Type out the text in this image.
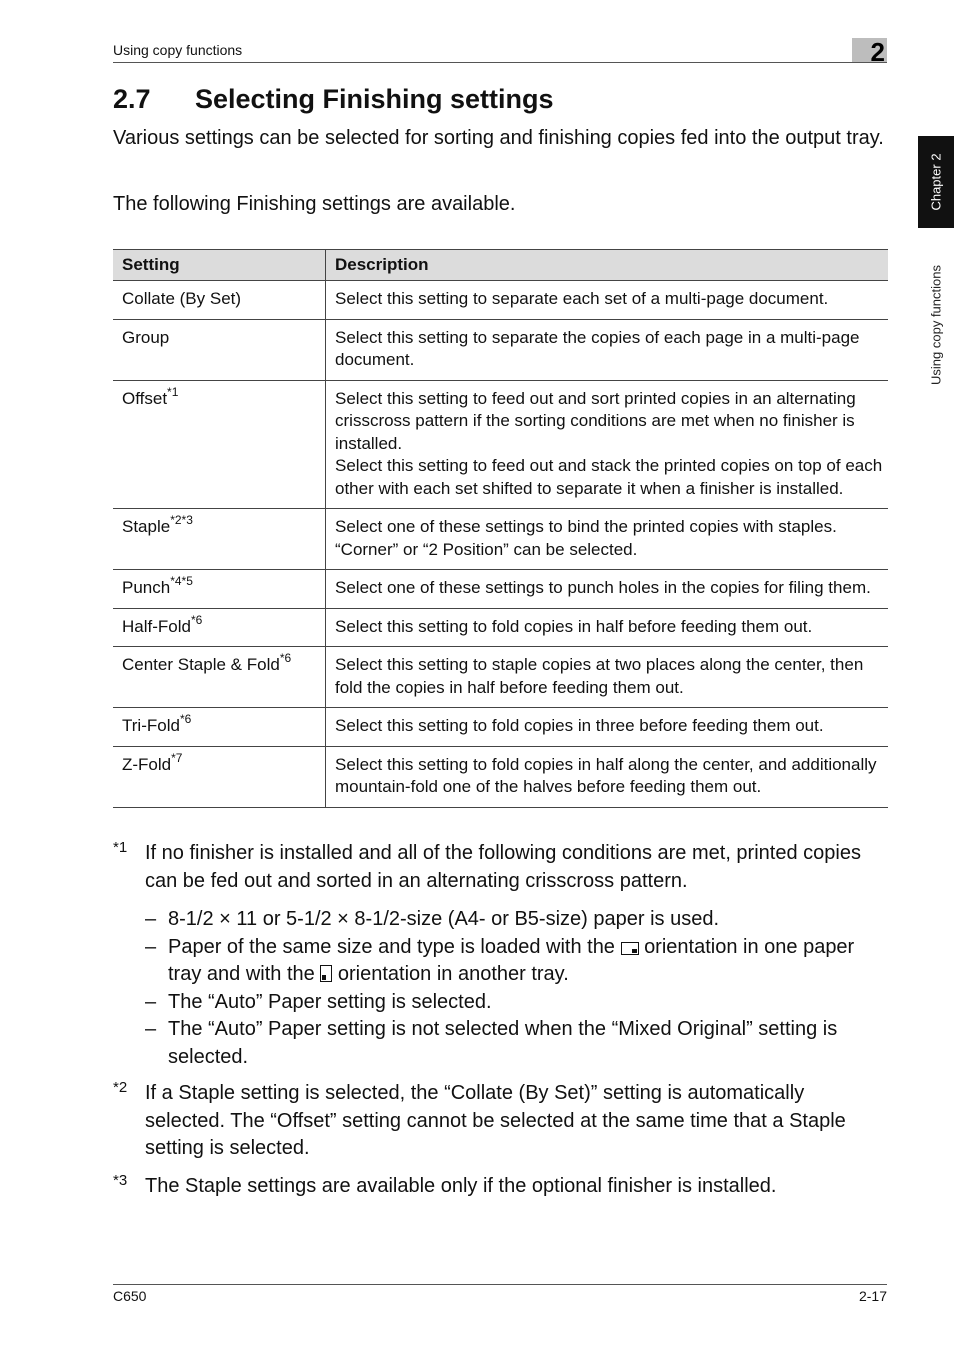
Using copy functions	2
Chapter 2
Using copy functions
2.7 Selecting Finishing settings

Various settings can be selected for sorting and finishing copies fed into the output tray.

The following Finishing settings are available.

Setting	Description
Collate (By Set)	Select this setting to separate each set of a multi-page document.
Group	Select this setting to separate the copies of each page in a multi-page document.
Offset$^{*1}$	Select this setting to feed out and sort printed copies in an alternating crisscross pattern if the sorting conditions are met when no finisher is installed.
Select this setting to feed out and stack the printed copies on top of each other with each set shifted to separate it when a finisher is installed.

Staple$^{*2*3}$	Select one of these settings to bind the printed copies with staples. “Corner” or “2 Position” can be selected.
Punch$^{*4*5}$	Select one of these settings to punch holes in the copies for filing them.
Half-Fold$^{*6}$	Select this setting to fold copies in half before feeding them out.
Center Staple & Fold$^{*6}$	Select this setting to staple copies at two places along the center, then fold the copies in half before feeding them out.
Tri-Fold$^{*6}$	Select this setting to fold copies in three before feeding them out.
Z-Fold$^{*7}$	Select this setting to fold copies in half along the center, and additionally mountain-fold one of the halves before feeding them out.
*1 If no finisher is installed and all of the following conditions are met, printed copies can be fed out and sorted in an alternating crisscross pattern.
– 8-1/2 × 11 or 5-1/2 × 8-1/2-size (A4- or B5-size) paper is used.
– Paper of the same size and type is loaded with the orientation in one paper tray and with the orientation in another tray.
– The “Auto” Paper setting is selected.
– The “Auto” Paper setting is not selected when the “Mixed Original” setting is selected.
*2 If a Staple setting is selected, the “Collate (By Set)” setting is automatically selected. The “Offset” setting cannot be selected at the same time that a Staple setting is selected.
*3 The Staple settings are available only if the optional finisher is installed.
C650	2-17
